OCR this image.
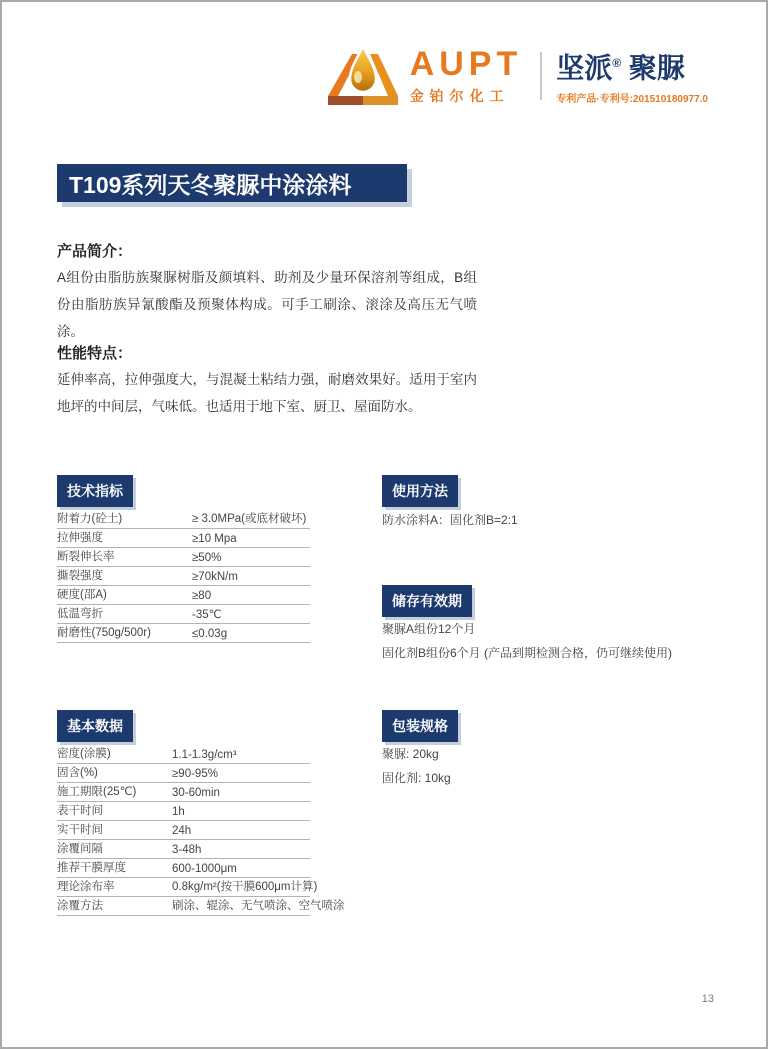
AUPT
金铂尔化工
坚派® 聚脲
专利产品·专利号:201510180977.0
T109系列天冬聚脲中涂涂料
产品简介：
A组份由脂肪族聚脲树脂及颜填料、助剂及少量环保溶剂等组成，B组份由脂肪族异氰酸酯及预聚体构成。可手工刷涂、滚涂及高压无气喷涂。
性能特点：
延伸率高，拉伸强度大，与混凝土粘结力强，耐磨效果好。适用于室内地坪的中间层，气味低。也适用于地下室、厨卫、屋面防水。
技术指标
附着力(砼土)	≥ 3.0MPa(或底材破坏)
拉伸强度	≥10 Mpa
断裂伸长率	≥50%
撕裂强度	≥70kN/m
硬度(邵A)	≥80
低温弯折	-35℃
耐磨性(750g/500r)	≤0.03g
使用方法
防水涂料A：固化剂B=2:1
储存有效期
聚脲A组份12个月
固化剂B组份6个月 (产品到期检测合格，仍可继续使用)
基本数据
密度(涂膜)	1.1-1.3g/cm³
固含(%)	≥90-95%
施工期限(25℃)	30-60min
表干时间	1h
实干时间	24h
涂覆间隔	3-48h
推荐干膜厚度	600-1000μm
理论涂布率	0.8kg/m²(按干膜600μm计算)
涂覆方法	刷涂、辊涂、无气喷涂、空气喷涂
包装规格
聚脲: 20kg
固化剂: 10kg
13
